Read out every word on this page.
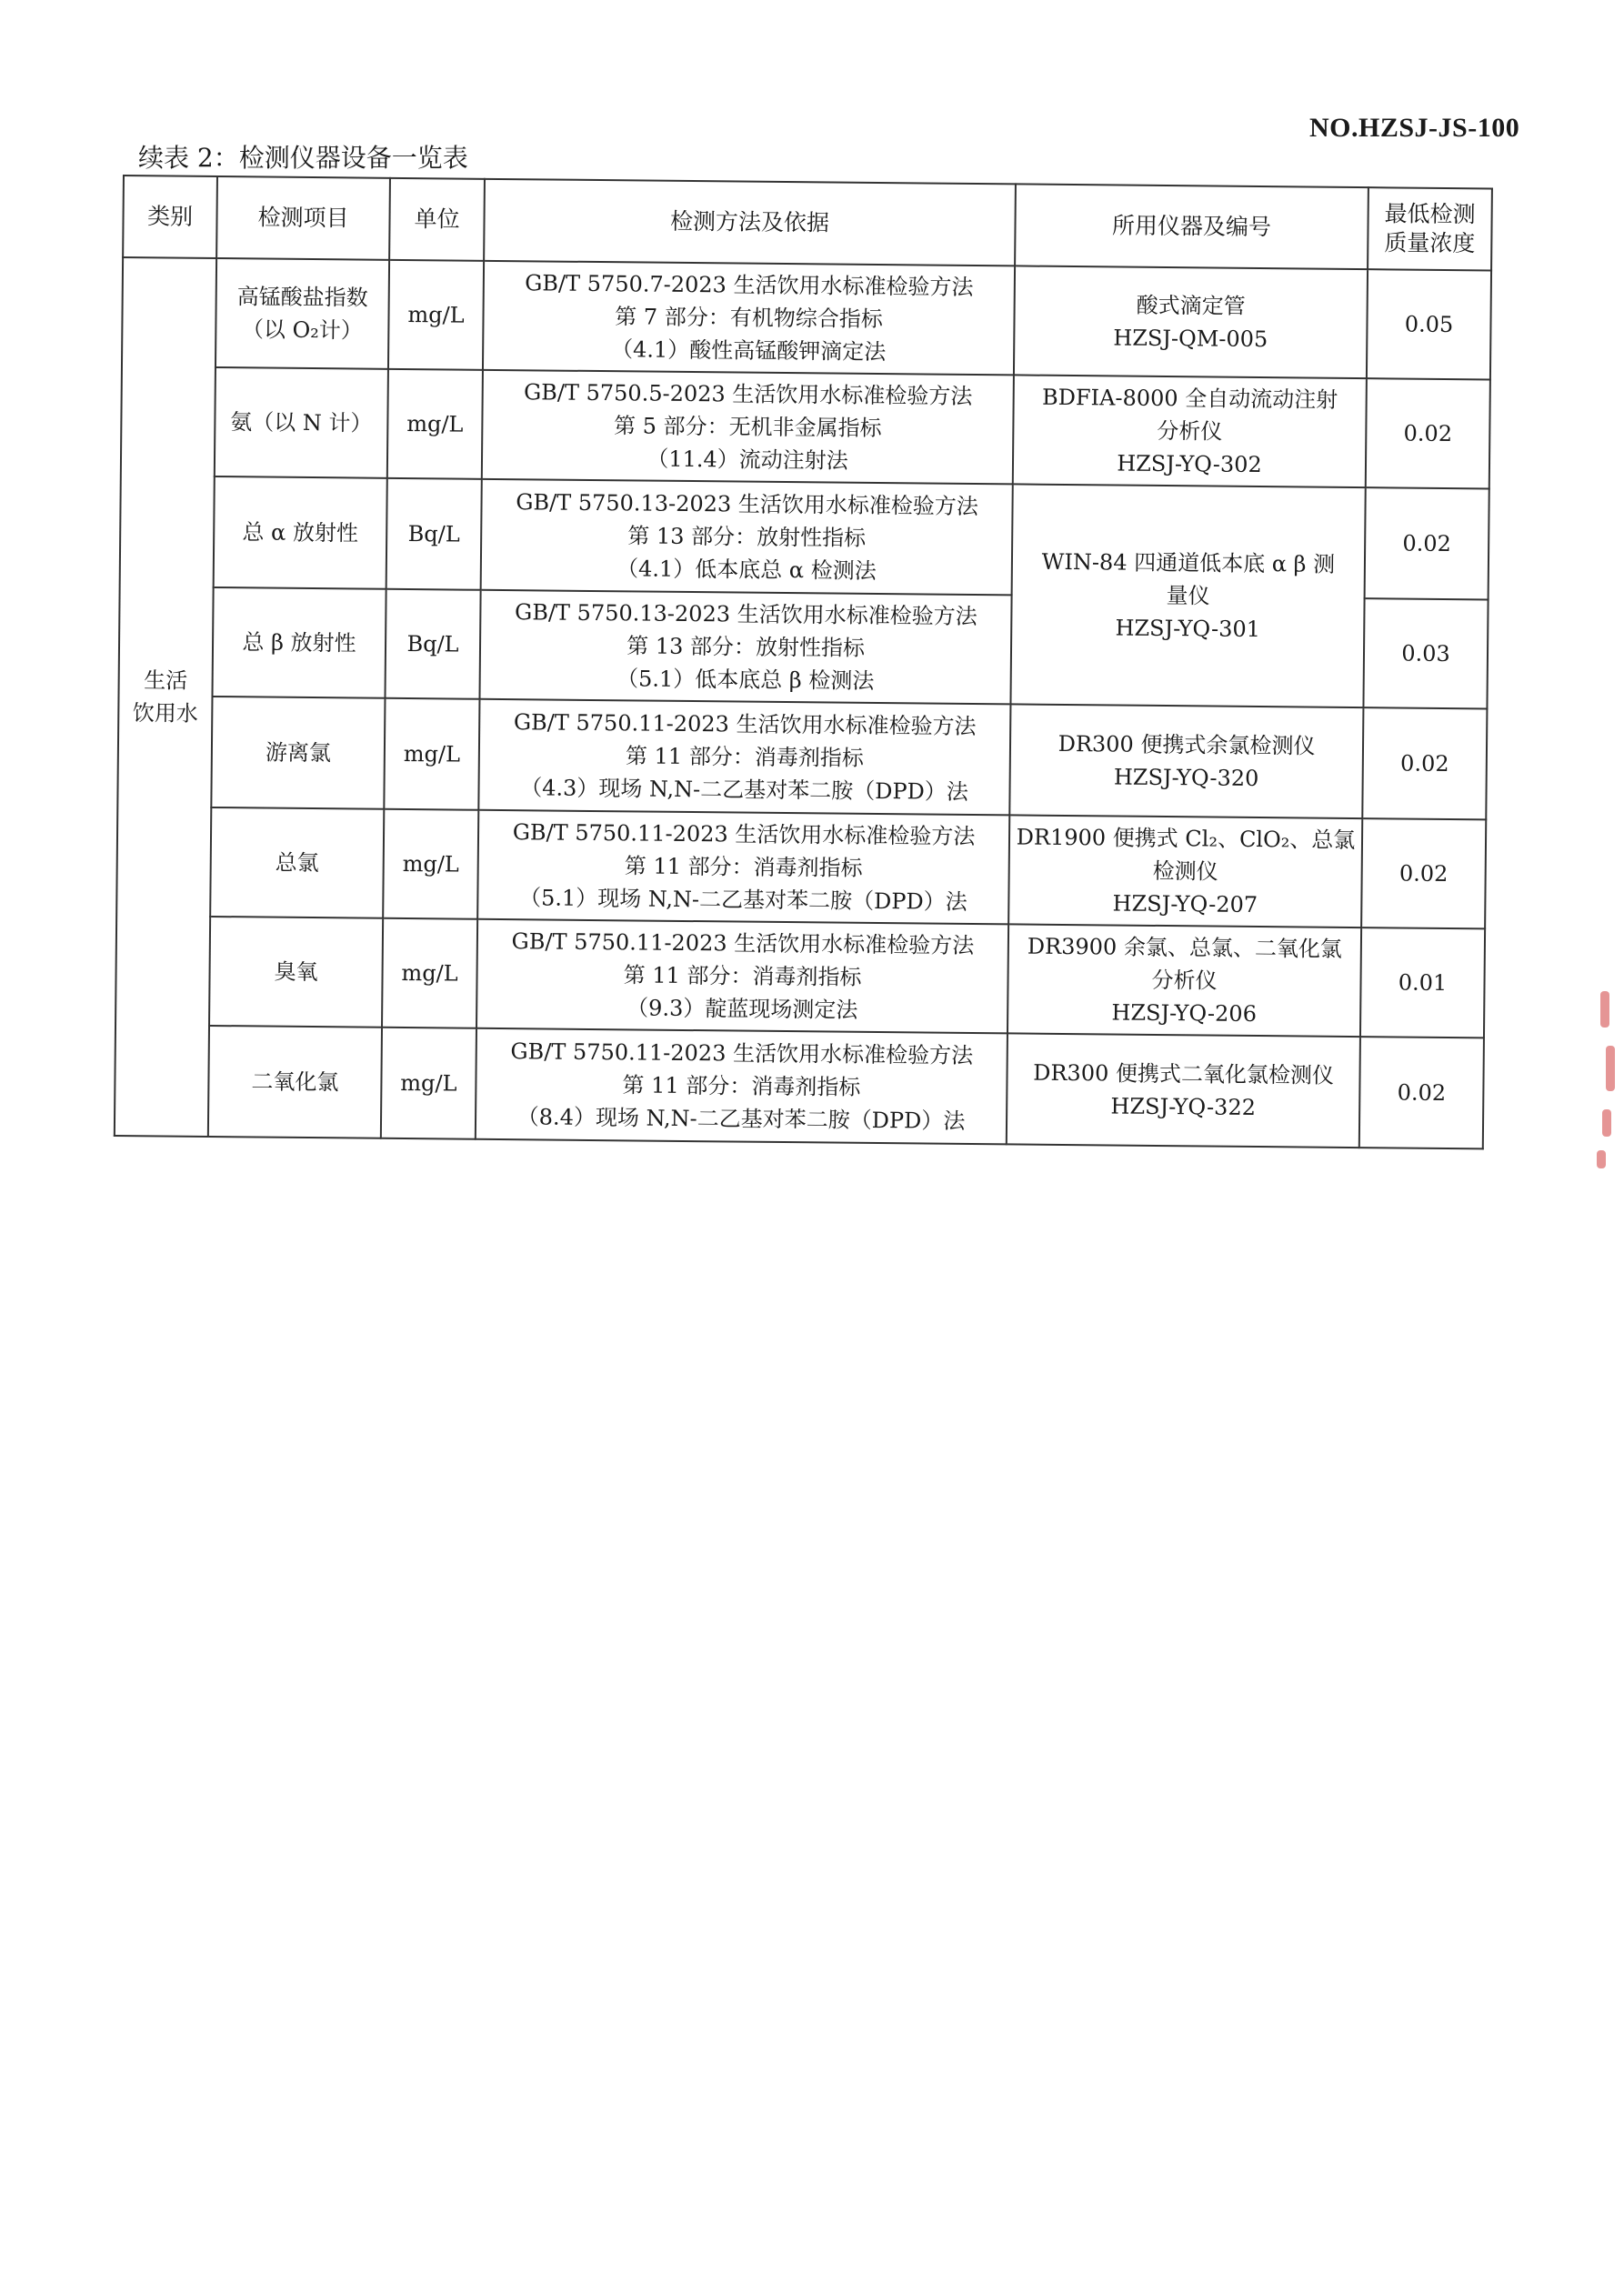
NO.HZSJ-JS-100
续表 2：检测仪器设备一览表
类别	检测项目	单位	检测方法及依据	所用仪器及编号	最低检测
质量浓度

生活
饮用水	高锰酸盐指数
（以 O₂计）	mg/L	GB/T 5750.7-2023 生活饮用水标准检验方法
第 7 部分：有机物综合指标
（4.1）酸性高锰酸钾滴定法	酸式滴定管
HZSJ-QM-005	0.05

	氨（以 N 计）	mg/L	GB/T 5750.5-2023 生活饮用水标准检验方法
第 5 部分：无机非金属指标
（11.4）流动注射法	BDFIA-8000 全自动流动注射
分析仪
HZSJ-YQ-302	0.02

	总 α 放射性	Bq/L	GB/T 5750.13-2023 生活饮用水标准检验方法
第 13 部分：放射性指标
（4.1）低本底总 α 检测法	WIN-84 四通道低本底 α β 测
量仪
HZSJ-YQ-301	0.02

	总 β 放射性	Bq/L	GB/T 5750.13-2023 生活饮用水标准检验方法
第 13 部分：放射性指标
（5.1）低本底总 β 检测法		0.03

	游离氯	mg/L	GB/T 5750.11-2023 生活饮用水标准检验方法
第 11 部分：消毒剂指标
（4.3）现场 N,N-二乙基对苯二胺（DPD）法	DR300 便携式余氯检测仪
HZSJ-YQ-320	0.02

	总氯	mg/L	GB/T 5750.11-2023 生活饮用水标准检验方法
第 11 部分：消毒剂指标
（5.1）现场 N,N-二乙基对苯二胺（DPD）法	DR1900 便携式 Cl₂、ClO₂、总氯
检测仪
HZSJ-YQ-207	0.02

	臭氧	mg/L	GB/T 5750.11-2023 生活饮用水标准检验方法
第 11 部分：消毒剂指标
（9.3）靛蓝现场测定法	DR3900 余氯、总氯、二氧化氯
分析仪
HZSJ-YQ-206	0.01

	二氧化氯	mg/L	GB/T 5750.11-2023 生活饮用水标准检验方法
第 11 部分：消毒剂指标
（8.4）现场 N,N-二乙基对苯二胺（DPD）法	DR300 便携式二氧化氯检测仪
HZSJ-YQ-322	0.02
